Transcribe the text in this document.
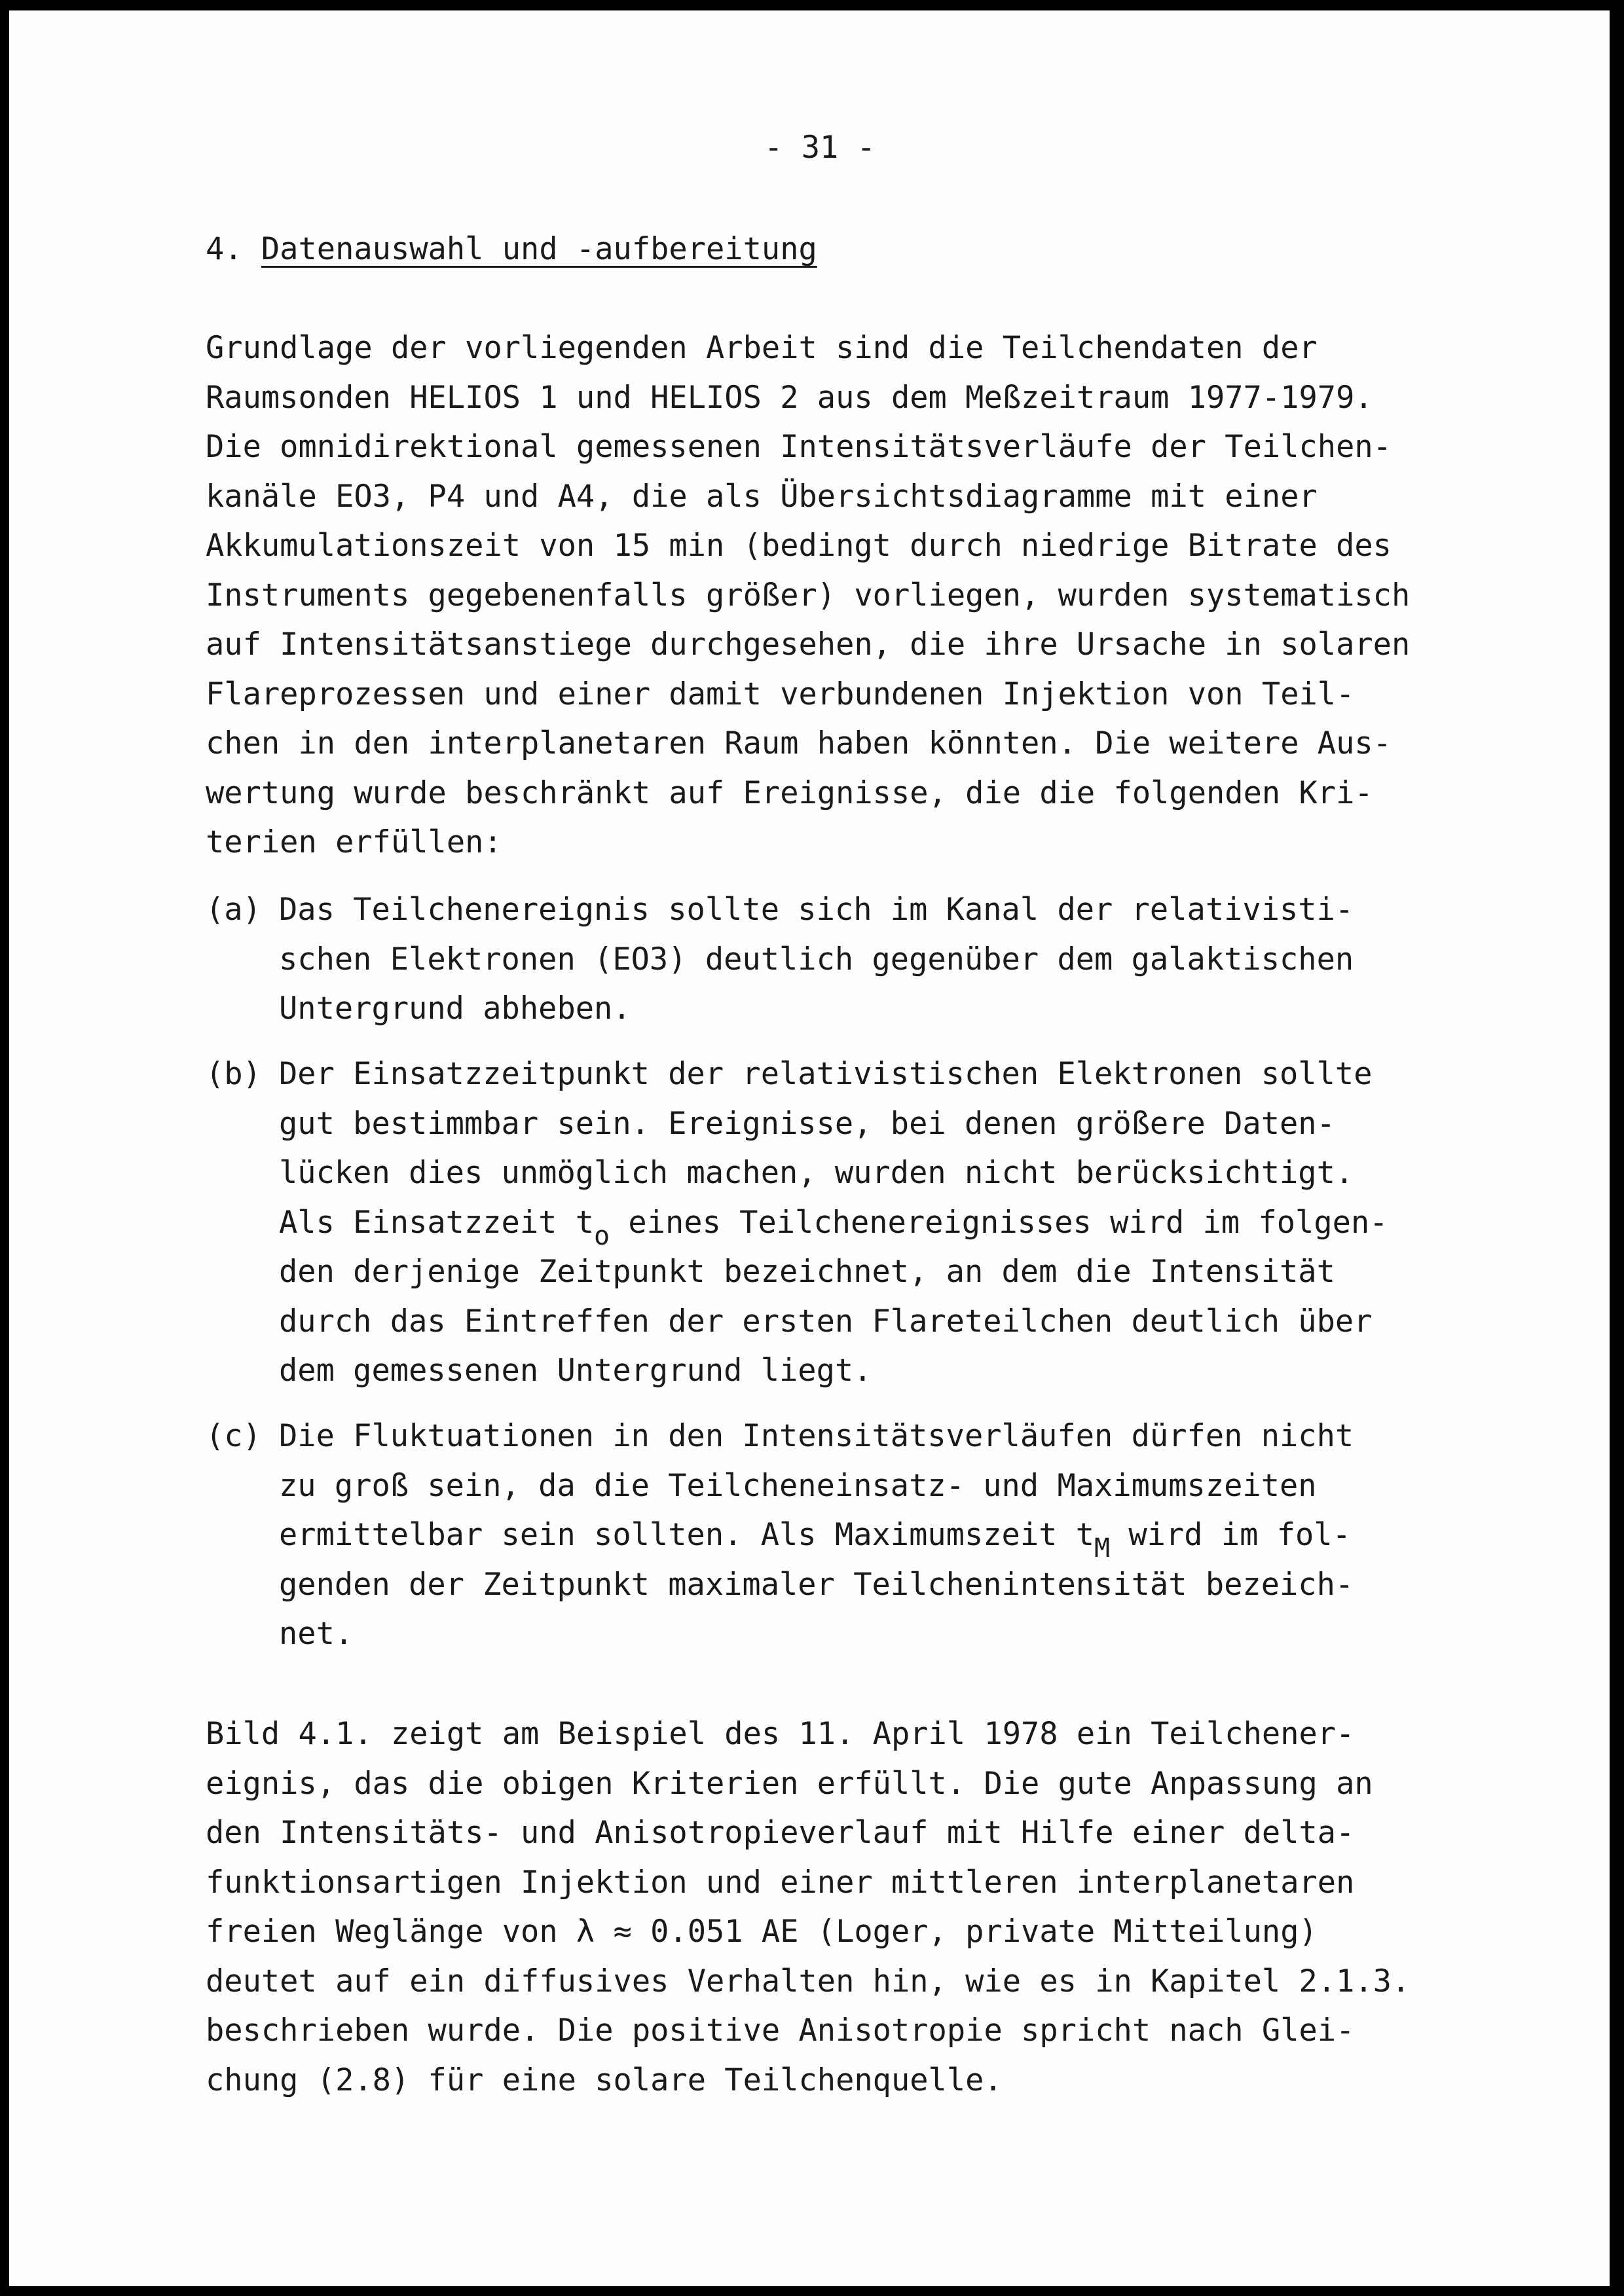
- 31 -
4. Datenauswahl und -aufbereitung
Grundlage der vorliegenden Arbeit sind die Teilchendaten der
Raumsonden HELIOS 1 und HELIOS 2 aus dem Meßzeitraum 1977-1979.
Die omnidirektional gemessenen Intensitätsverläufe der Teilchen-
kanäle EO3, P4 und A4, die als Übersichtsdiagramme mit einer
Akkumulationszeit von 15 min (bedingt durch niedrige Bitrate des
Instruments gegebenenfalls größer) vorliegen, wurden systematisch
auf Intensitätsanstiege durchgesehen, die ihre Ursache in solaren
Flareprozessen und einer damit verbundenen Injektion von Teil-
chen in den interplanetaren Raum haben könnten. Die weitere Aus-
wertung wurde beschränkt auf Ereignisse, die die folgenden Kri-
terien erfüllen:
(a) Das Teilchenereignis sollte sich im Kanal der relativisti-
schen Elektronen (EO3) deutlich gegenüber dem galaktischen
Untergrund abheben.
(b) Der Einsatzzeitpunkt der relativistischen Elektronen sollte
gut bestimmbar sein. Ereignisse, bei denen größere Daten-
lücken dies unmöglich machen, wurden nicht berücksichtigt.
Als Einsatzzeit $t_o$ eines Teilchenereignisses wird im folgen-
den derjenige Zeitpunkt bezeichnet, an dem die Intensität
durch das Eintreffen der ersten Flareteilchen deutlich über
dem gemessenen Untergrund liegt.
(c) Die Fluktuationen in den Intensitätsverläufen dürfen nicht
zu groß sein, da die Teilcheneinsatz- und Maximumszeiten
ermittelbar sein sollten. Als Maximumszeit $t_M$ wird im fol-
genden der Zeitpunkt maximaler Teilchenintensität bezeich-
net.
Bild 4.1. zeigt am Beispiel des 11. April 1978 ein Teilchener-
eignis, das die obigen Kriterien erfüllt. Die gute Anpassung an
den Intensitäts- und Anisotropieverlauf mit Hilfe einer delta-
funktionsartigen Injektion und einer mittleren interplanetaren
freien Weglänge von λ ≈ 0.051 AE (Loger, private Mitteilung)
deutet auf ein diffusives Verhalten hin, wie es in Kapitel 2.1.3.
beschrieben wurde. Die positive Anisotropie spricht nach Glei-
chung (2.8) für eine solare Teilchenquelle.
